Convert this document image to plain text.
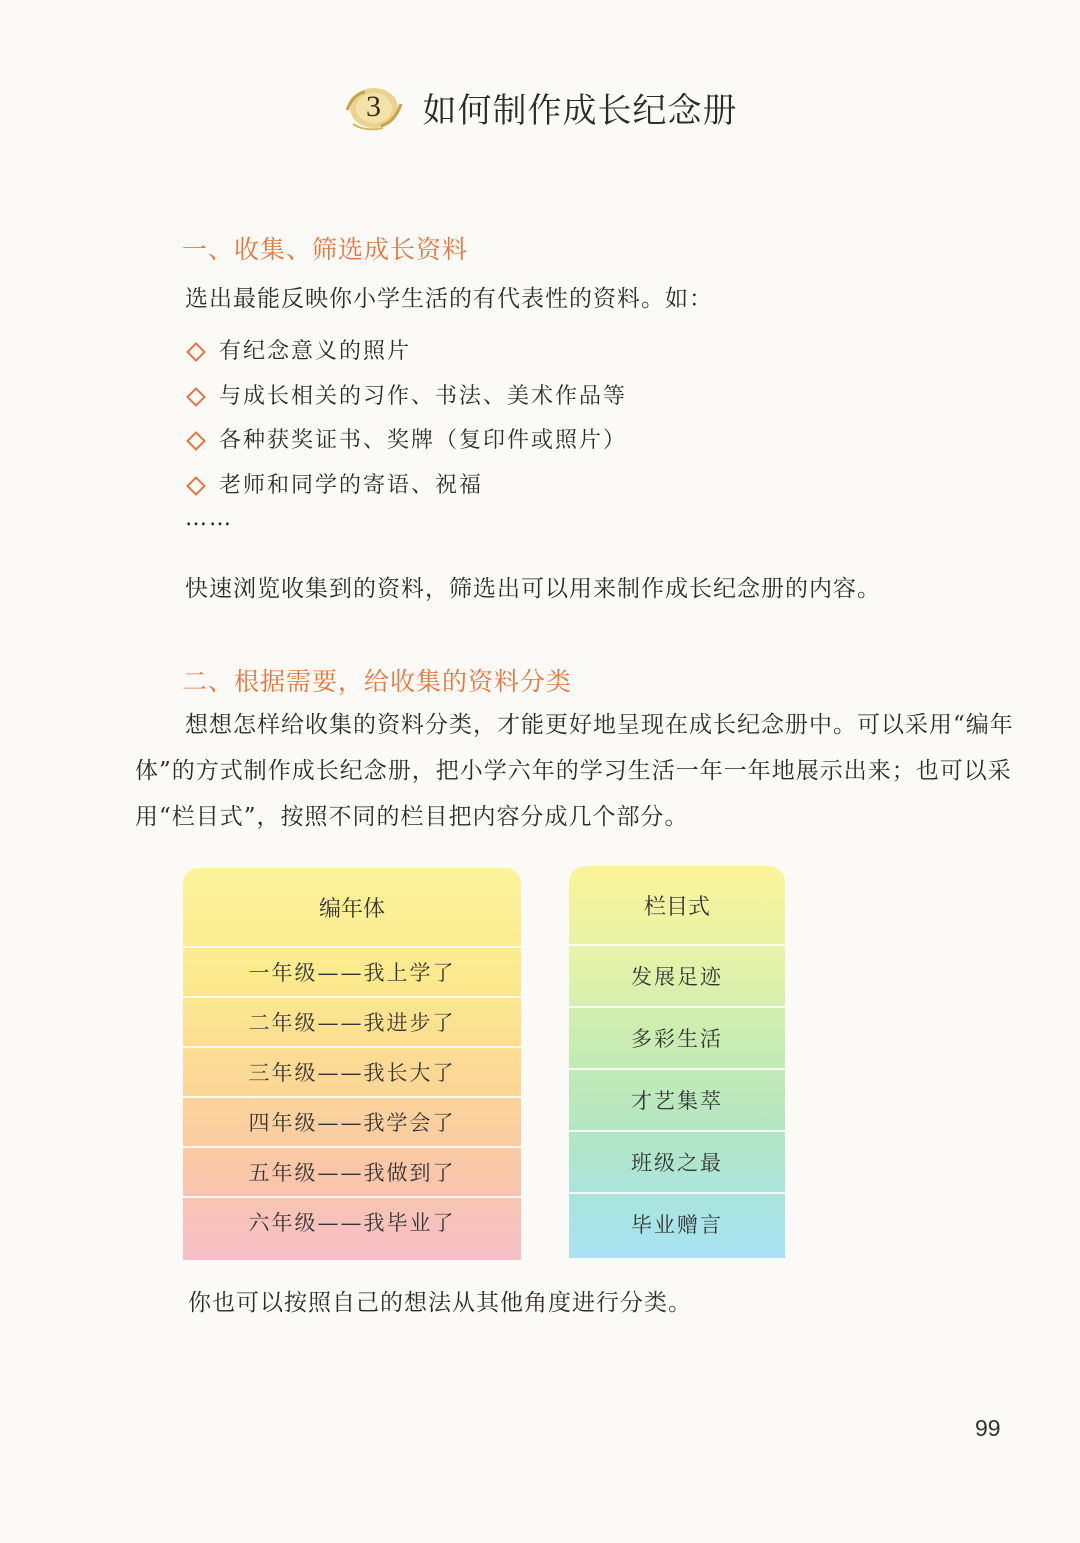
3 如何制作成长纪念册
一、收集、筛选成长资料
选出最能反映你小学生活的有代表性的资料。如：
有纪念意义的照片
与成长相关的习作、书法、美术作品等
各种获奖证书、奖牌（复印件或照片）
老师和同学的寄语、祝福
……
快速浏览收集到的资料，筛选出可以用来制作成长纪念册的内容。
二、根据需要，给收集的资料分类
想想怎样给收集的资料分类，才能更好地呈现在成长纪念册中。可以采用“编年体”的方式制作成长纪念册，把小学六年的学习生活一年一年地展示出来；也可以采用“栏目式”，按照不同的栏目把内容分成几个部分。
编年体
一年级——我上学了
二年级——我进步了
三年级——我长大了
四年级——我学会了
五年级——我做到了
六年级——我毕业了
栏目式
发展足迹
多彩生活
才艺集萃
班级之最
毕业赠言
你也可以按照自己的想法从其他角度进行分类。
99
